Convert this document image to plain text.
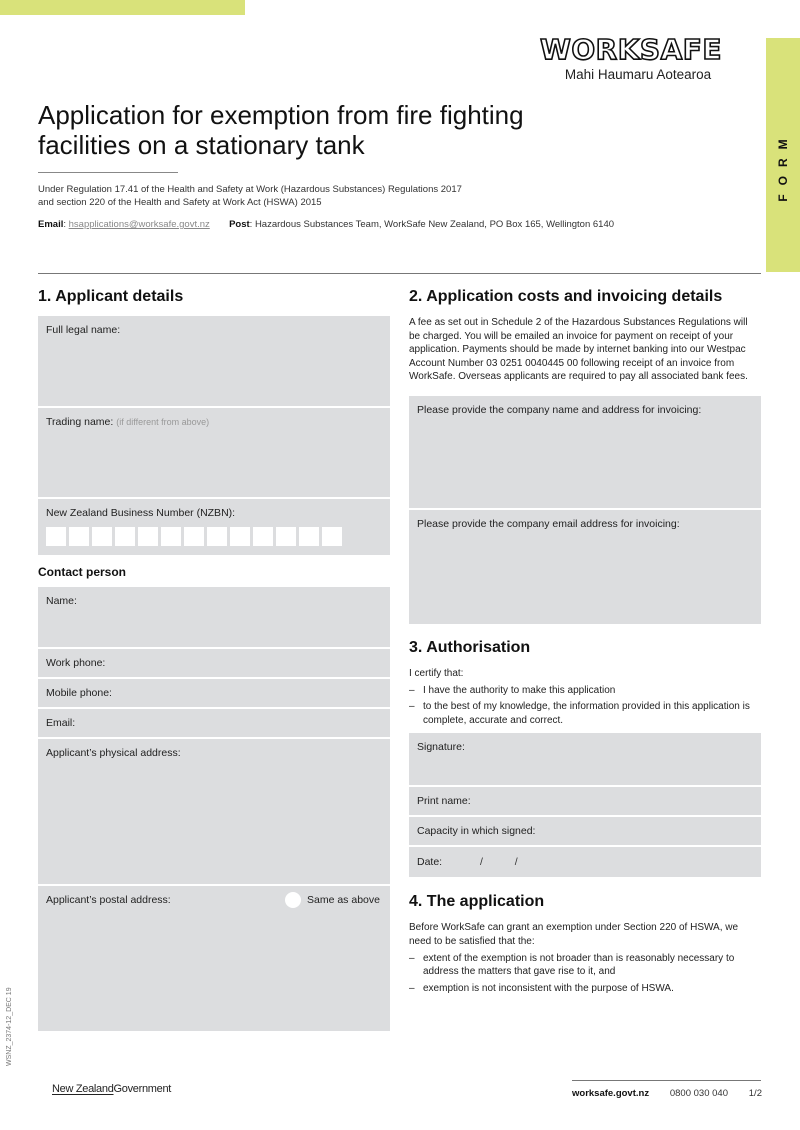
FORM
WORKSAFE
Mahi Haumaru Aotearoa
Application for exemption from fire fighting facilities on a stationary tank
Under Regulation 17.41 of the Health and Safety at Work (Hazardous Substances) Regulations 2017
and section 220 of the Health and Safety at Work Act (HSWA) 2015
Email: hsapplications@worksafe.govt.nz Post: Hazardous Substances Team, WorkSafe New Zealand, PO Box 165, Wellington 6140
1. Applicant details
Full legal name:
Trading name: (if different from above)
New Zealand Business Number (NZBN):
Contact person
Name:
Work phone:
Mobile phone:
Email:
Applicant’s physical address:
Applicant’s postal address:	Same as above
2. Application costs and invoicing details

A fee as set out in Schedule 2 of the Hazardous Substances Regulations will be charged. You will be emailed an invoice for payment on receipt of your application. Payments should be made by internet banking into our Westpac Account Number 03 0251 0040445 00 following receipt of an invoice from WorkSafe. Overseas applicants are required to pay all associated bank fees.

Please provide the company name and address for invoicing:
Please provide the company email address for invoicing:
3. Authorisation

I certify that:

– I have the authority to make this application
– to the best of my knowledge, the information provided in this application is complete, accurate and correct.
Signature:
Print name:
Capacity in which signed:
Date:	/	/
4. The application

Before WorkSafe can grant an exemption under Section 220 of HSWA, we need to be satisfied that the:

– extent of the exemption is not broader than is reasonably necessary to address the matters that gave rise to it, and
– exemption is not inconsistent with the purpose of HSWA.
WSNZ_2374-12_DEC 19
New ZealandGovernment	worksafe.govt.nz 0800 030 040 1/2
